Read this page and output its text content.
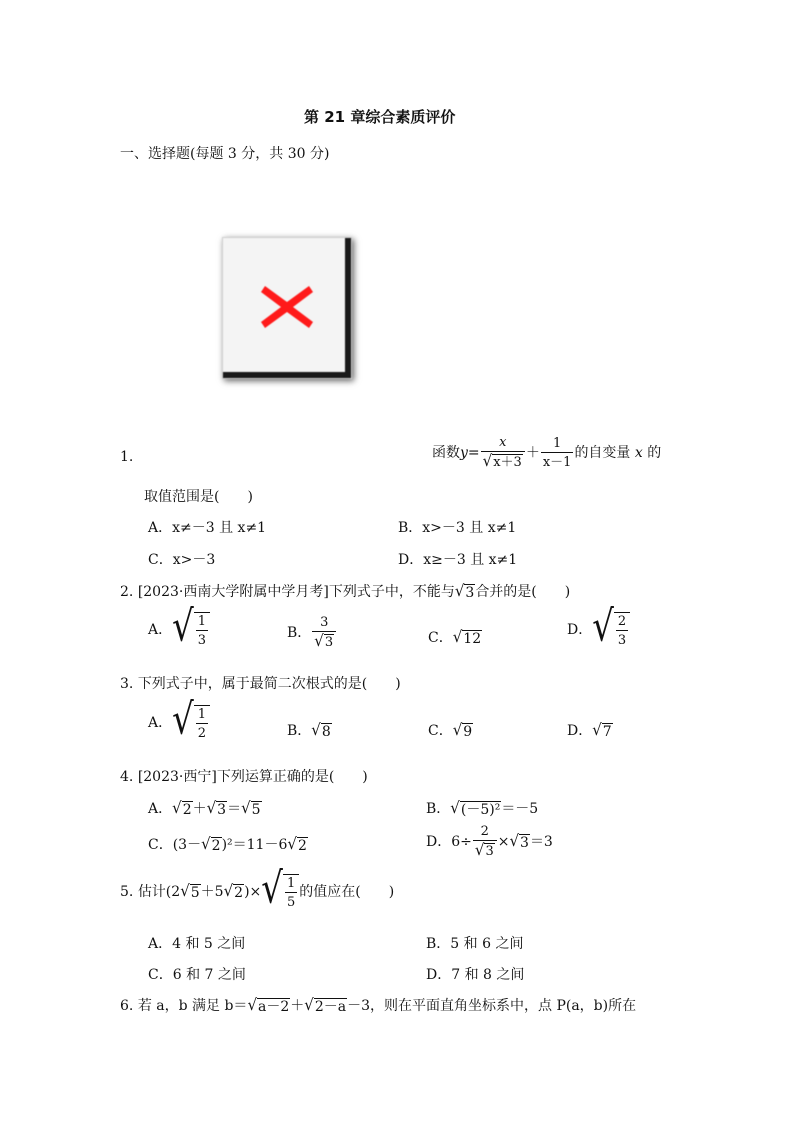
第 21 章综合素质评价
一、选择题(每题 3 分，共 30 分)
1.	函数 $y = \frac{x}{√ x+3} + \frac{1}{x-1}$ 的自变量
x
的
取值范围是(　　)
A．x≠－3 且 x≠1	B．x>－3 且 x≠1
C．x>－3	D．x≥－3 且 x≠1
2.
[2023·西南大学附属中学月考]下列式子中，不能与 √ 3 合并的是(　　)
A． √ $\frac{1}{3}$	B． $\frac{3}{√ 3}$	C． √ 12
D． √ $\frac{2}{3}$
3. 下列式子中，属于最简二次根式的是(　　)
A． √ $\frac{1}{2}$	B． √ 8	C． √ 9	D． √ 7
4. [2023·西宁]下列运算正确的是(　　)
A． √ 2 ＋ √ 3 ＝ √ 5	B． √ (－5)² ＝－5
C． (3－ √ 2 )²＝11－6 √ 2	D． $6\div \frac{2}{√ 3}$ × √ 3 ＝3
5.
估计(2 √ 5 ＋5 √ 2 )× √ $\frac{1}{5}$ 的值应在(　　)
A．4 和 5 之间	B．5 和 6 之间
C．6 和 7 之间	D．7 和 8 之间
6.
若 a，b 满足 b＝ √ a－2 ＋ √ 2－a －3，则在平面直角坐标系中，点 P(a，b)所在
